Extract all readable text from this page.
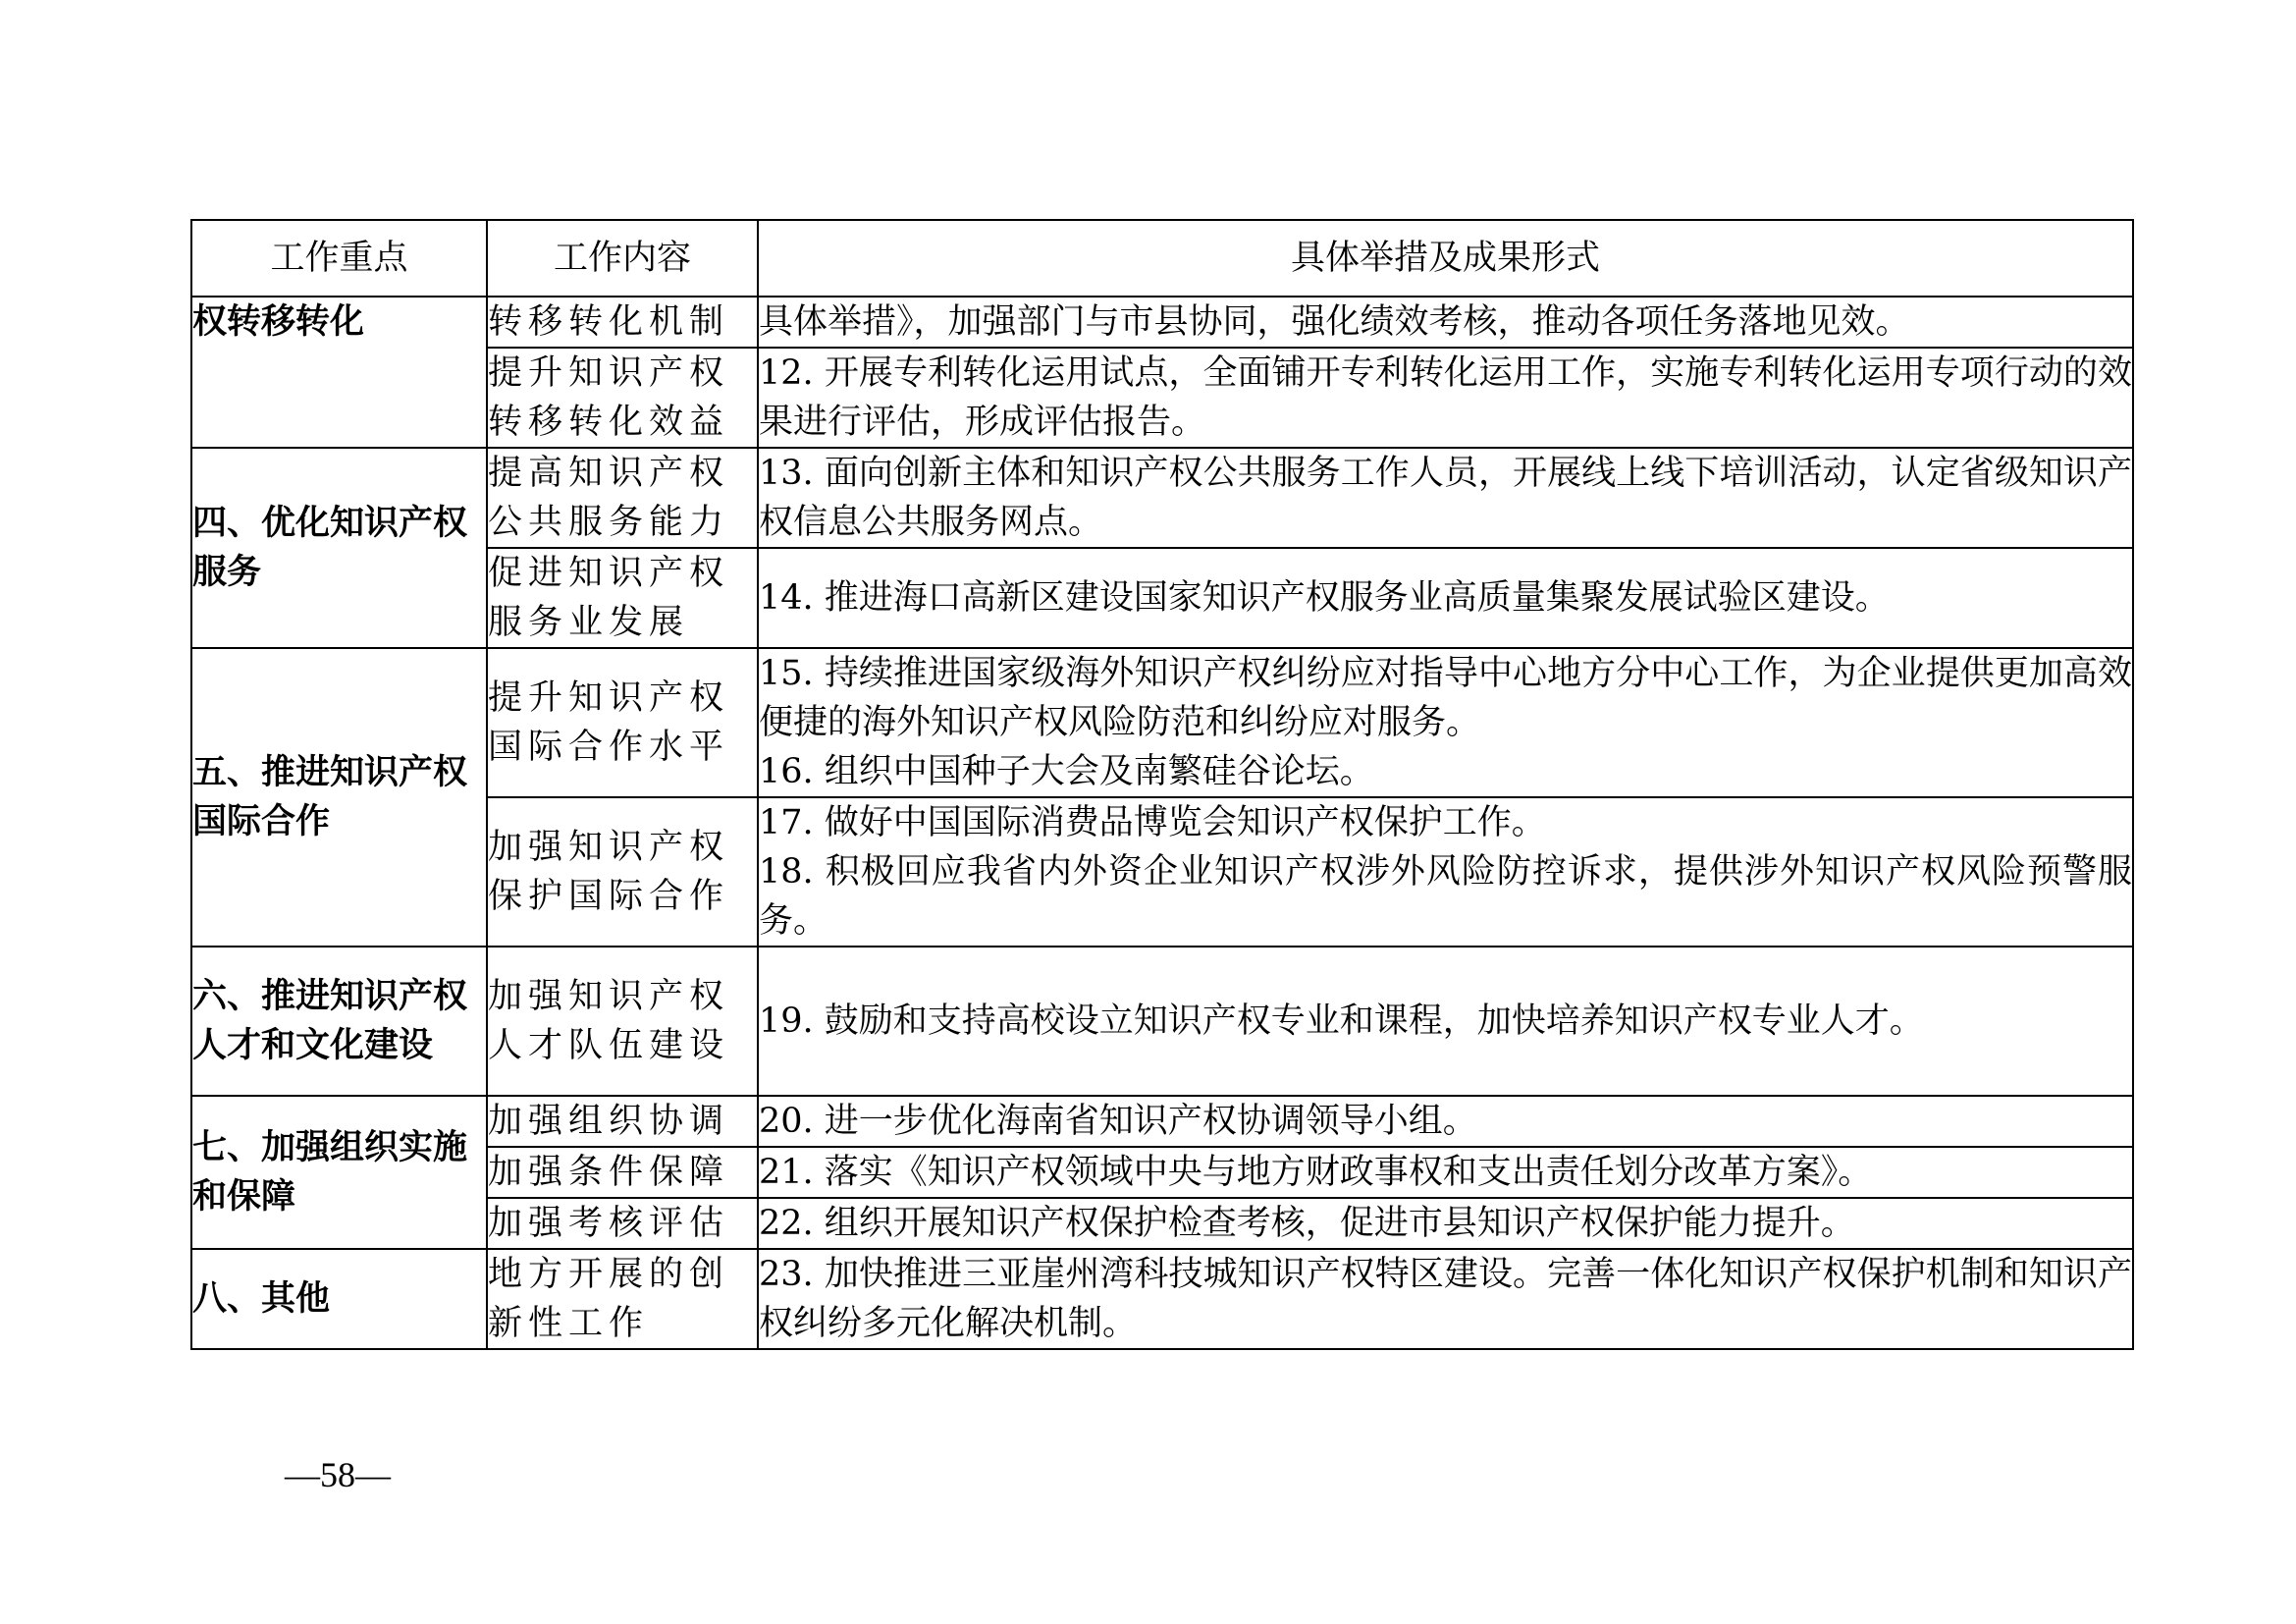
工作重点	工作内容	具体举措及成果形式
权转移转化	转移转化机制	具体举措》，加强部门与市县协同，强化绩效考核，推动各项任务落地见效。

	提升知识产权转移转化效益	12. 开展专利转化运用试点，全面铺开专利转化运用工作，实施专利转化运用专项行动的效果进行评估，形成评估报告。

四、优化知识产权服务	提高知识产权公共服务能力	13. 面向创新主体和知识产权公共服务工作人员，开展线上线下培训活动，认定省级知识产权信息公共服务网点。

	促进知识产权服务业发展	14. 推进海口高新区建设国家知识产权服务业高质量集聚发展试验区建设。

五、推进知识产权国际合作	提升知识产权国际合作水平	15. 持续推进国家级海外知识产权纠纷应对指导中心地方分中心工作，为企业提供更加高效便捷的海外知识产权风险防范和纠纷应对服务。
16. 组织中国种子大会及南繁硅谷论坛。

	加强知识产权保护国际合作	17. 做好中国国际消费品博览会知识产权保护工作。
18. 积极回应我省内外资企业知识产权涉外风险防控诉求，提供涉外知识产权风险预警服务。

六、推进知识产权人才和文化建设	加强知识产权人才队伍建设	19. 鼓励和支持高校设立知识产权专业和课程，加快培养知识产权专业人才。

七、加强组织实施和保障	加强组织协调	20. 进一步优化海南省知识产权协调领导小组。

	加强条件保障	21. 落实《知识产权领域中央与地方财政事权和支出责任划分改革方案》。

	加强考核评估	22. 组织开展知识产权保护检查考核，促进市县知识产权保护能力提升。

八、其他	地方开展的创新性工作	23. 加快推进三亚崖州湾科技城知识产权特区建设。完善一体化知识产权保护机制和知识产权纠纷多元化解决机制。
—58—
